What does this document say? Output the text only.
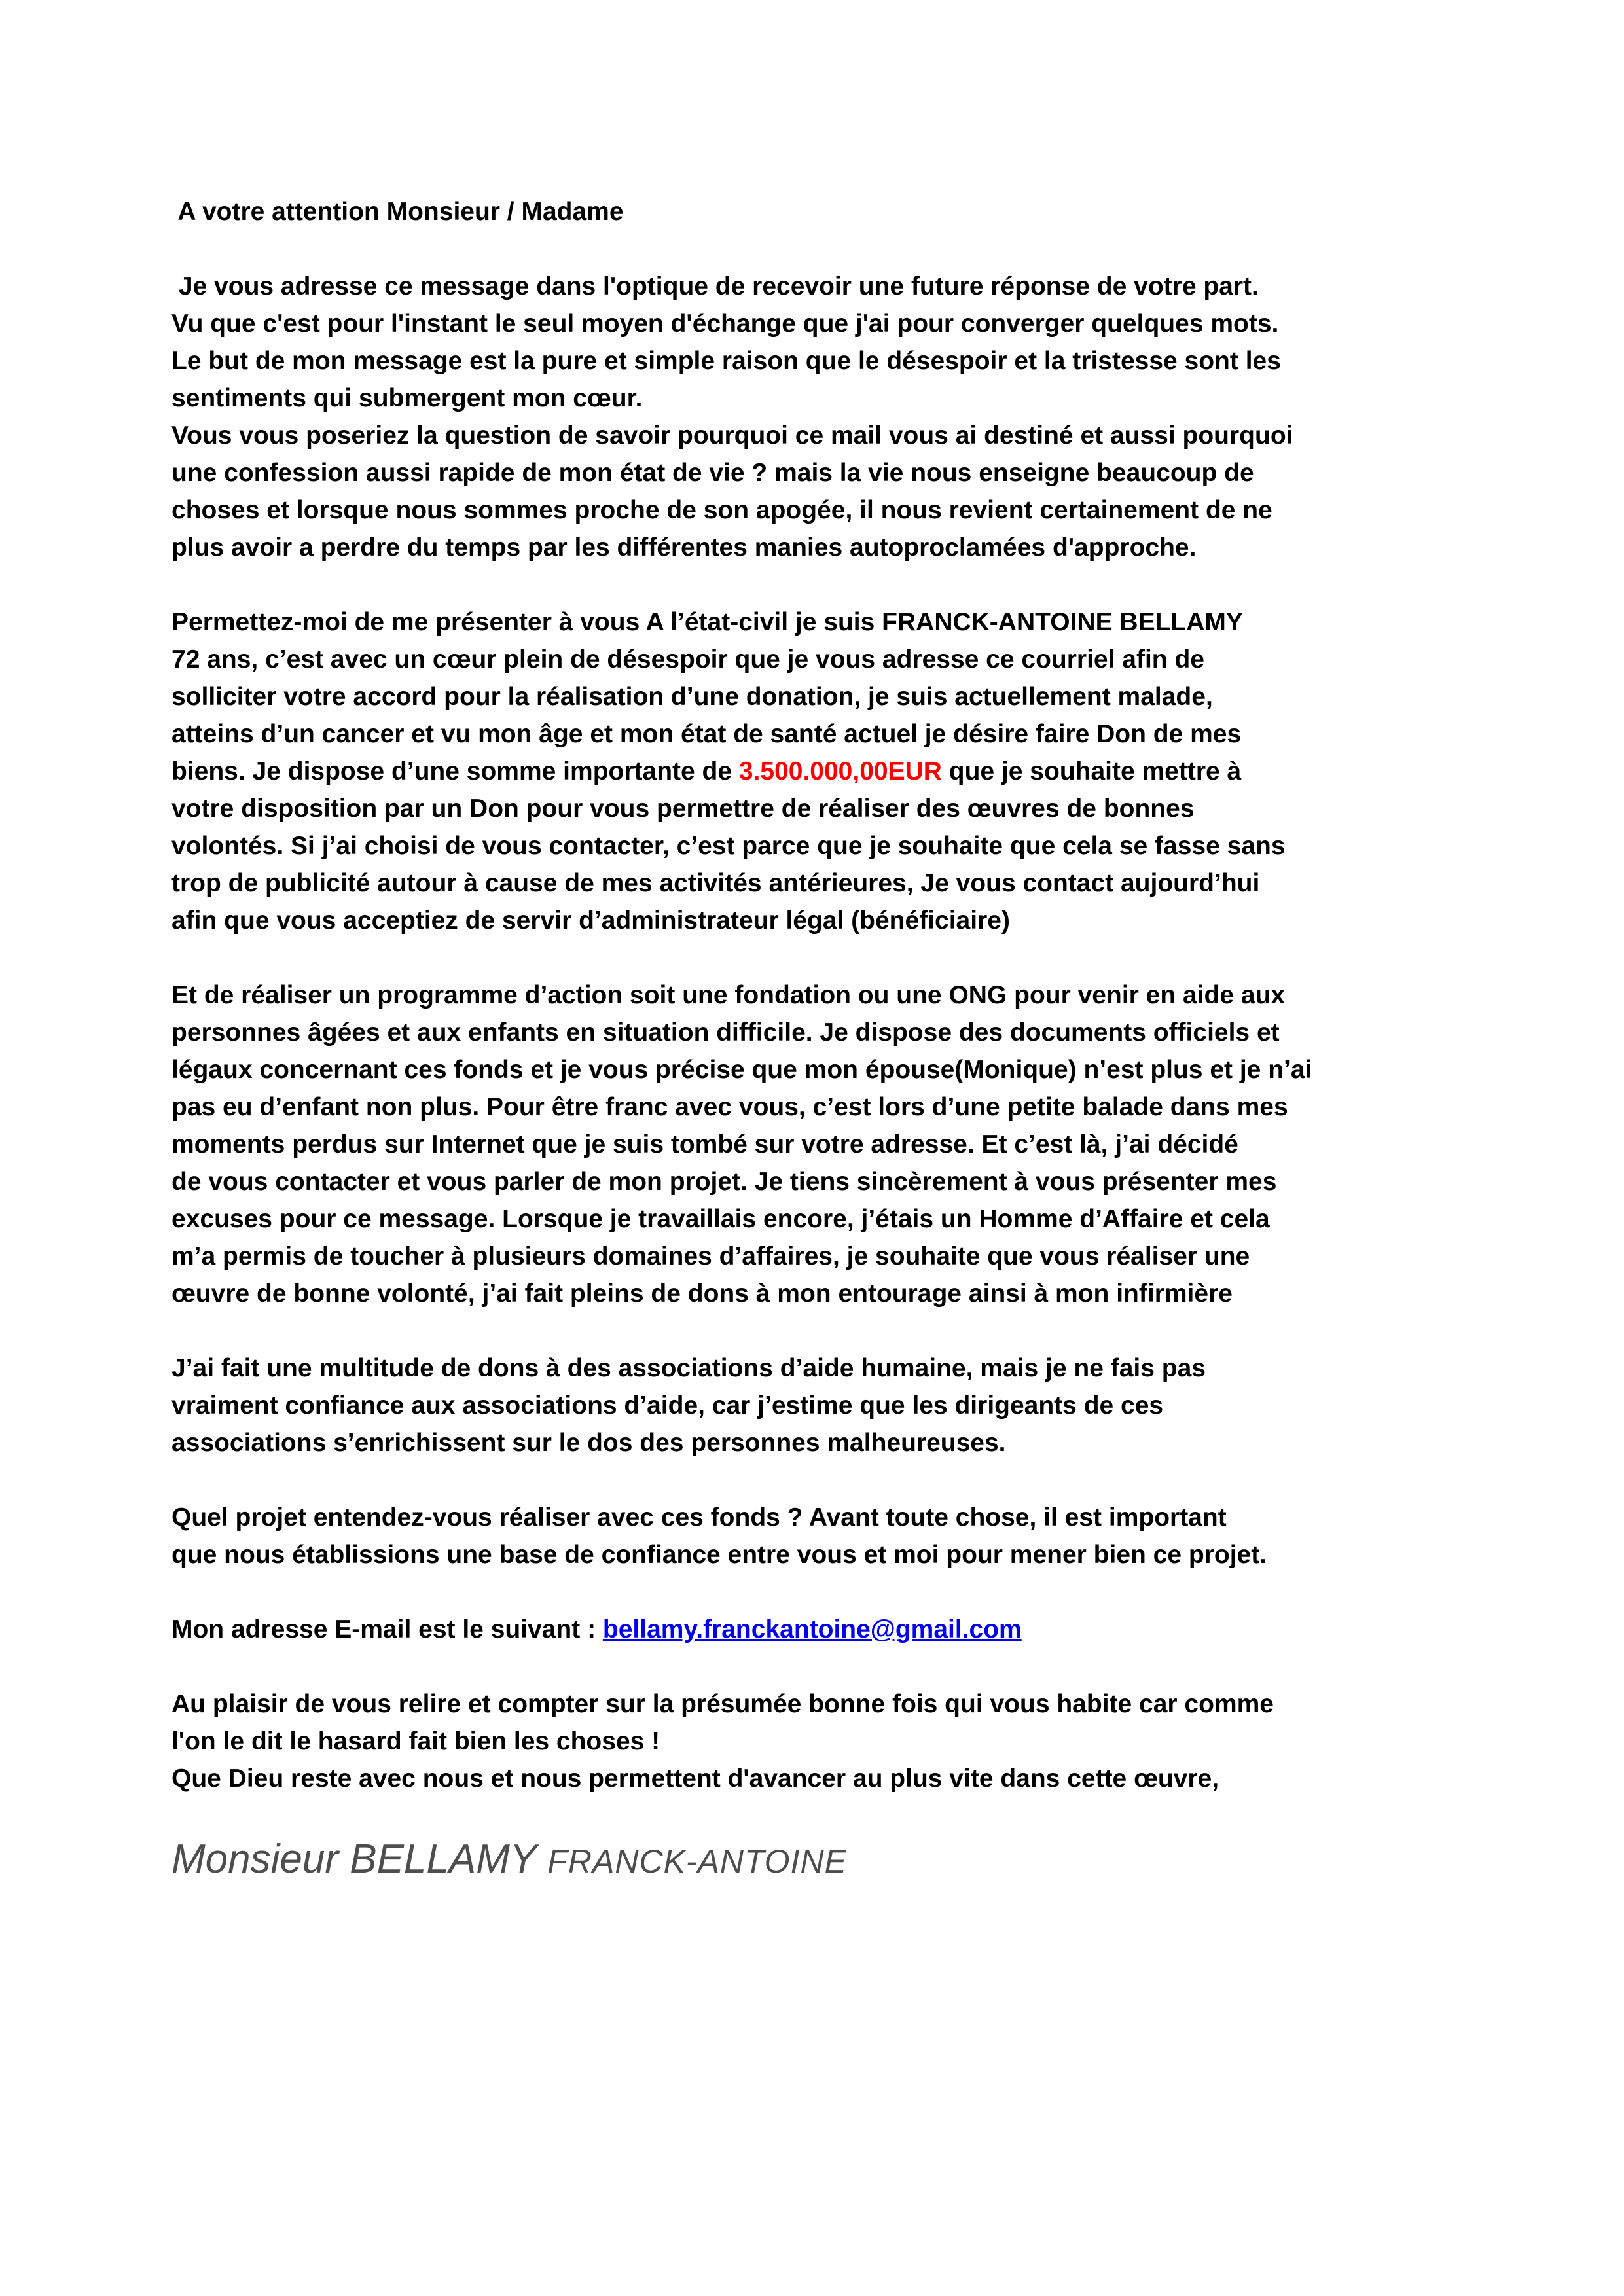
A votre attention Monsieur / Madame
Je vous adresse ce message dans l'optique de recevoir une future réponse de votre part.
Vu que c'est pour l'instant le seul moyen d'échange que j'ai pour converger quelques mots.
Le but de mon message est la pure et simple raison que le désespoir et la tristesse sont les
sentiments qui submergent mon cœur.
Vous vous poseriez la question de savoir pourquoi ce mail vous ai destiné et aussi pourquoi
une confession aussi rapide de mon état de vie ? mais la vie nous enseigne beaucoup de
choses et lorsque nous sommes proche de son apogée, il nous revient certainement de ne
plus avoir a perdre du temps par les différentes manies autoproclamées d'approche.
Permettez-moi de me présenter à vous A l’état-civil je suis FRANCK-ANTOINE BELLAMY
72 ans, c’est avec un cœur plein de désespoir que je vous adresse ce courriel afin de
solliciter votre accord pour la réalisation d’une donation, je suis actuellement malade,
atteins d’un cancer et vu mon âge et mon état de santé actuel je désire faire Don de mes
biens. Je dispose d’une somme importante de 3.500.000,00EUR que je souhaite mettre à
votre disposition par un Don pour vous permettre de réaliser des œuvres de bonnes
volontés. Si j’ai choisi de vous contacter, c’est parce que je souhaite que cela se fasse sans
trop de publicité autour à cause de mes activités antérieures, Je vous contact aujourd’hui
afin que vous acceptiez de servir d’administrateur légal (bénéficiaire)
Et de réaliser un programme d’action soit une fondation ou une ONG pour venir en aide aux
personnes âgées et aux enfants en situation difficile. Je dispose des documents officiels et
légaux concernant ces fonds et je vous précise que mon épouse(Monique) n’est plus et je n’ai
pas eu d’enfant non plus. Pour être franc avec vous, c’est lors d’une petite balade dans mes
moments perdus sur Internet que je suis tombé sur votre adresse. Et c’est là, j’ai décidé
de vous contacter et vous parler de mon projet. Je tiens sincèrement à vous présenter mes
excuses pour ce message. Lorsque je travaillais encore, j’étais un Homme d’Affaire et cela
m’a permis de toucher à plusieurs domaines d’affaires, je souhaite que vous réaliser une
œuvre de bonne volonté, j’ai fait pleins de dons à mon entourage ainsi à mon infirmière
J’ai fait une multitude de dons à des associations d’aide humaine, mais je ne fais pas
vraiment confiance aux associations d’aide, car j’estime que les dirigeants de ces
associations s’enrichissent sur le dos des personnes malheureuses.
Quel projet entendez-vous réaliser avec ces fonds ? Avant toute chose, il est important
que nous établissions une base de confiance entre vous et moi pour mener bien ce projet.
Mon adresse E-mail est le suivant : bellamy.franckantoine@gmail.com
Au plaisir de vous relire et compter sur la présumée bonne fois qui vous habite car comme
l'on le dit le hasard fait bien les choses !
Que Dieu reste avec nous et nous permettent d'avancer au plus vite dans cette œuvre,
Monsieur BELLAMY FRANCK-ANTOINE
